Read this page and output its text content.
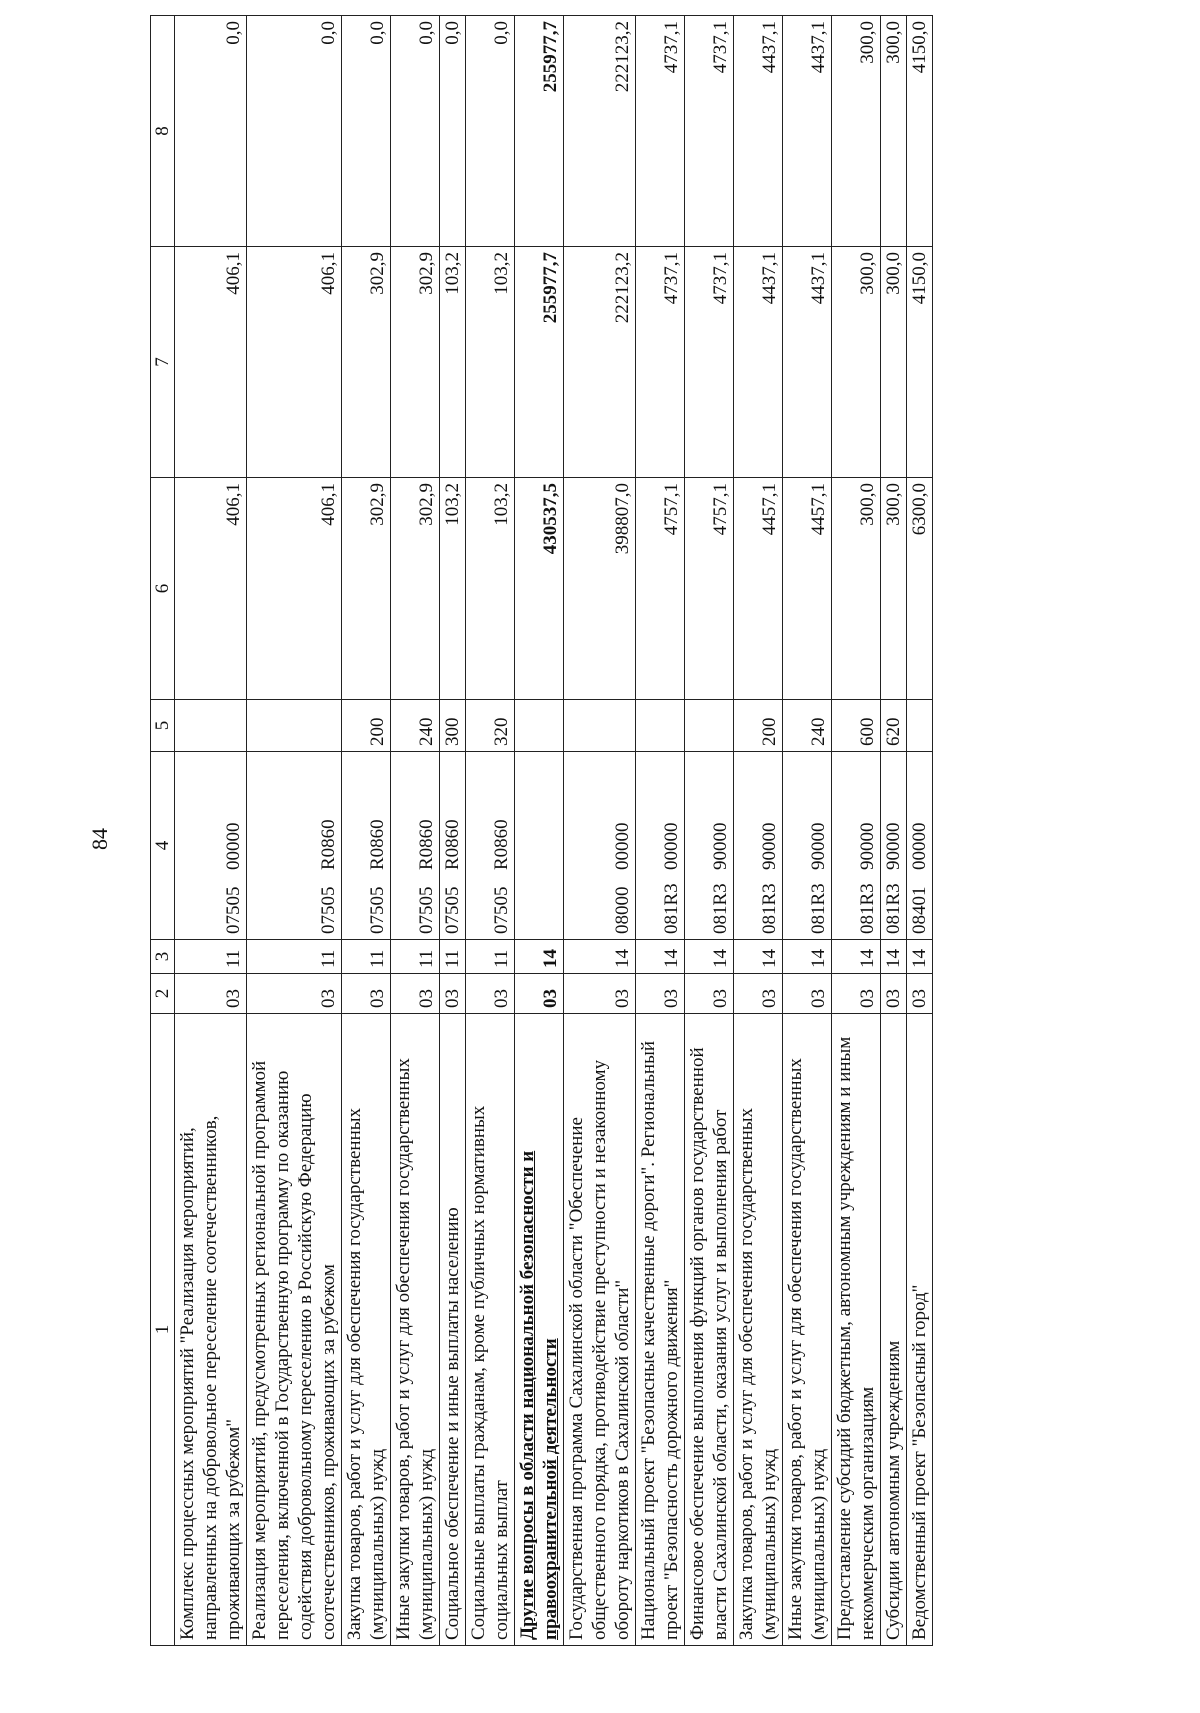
84
1	2	3	4	5	6	7	8
Комплекс процессных мероприятий "Реализация мероприятий, направленных на добровольное переселение соотечественников, проживающих за рубежом"	03	11	0750500000		406,1	406,1	0,0
Реализация мероприятий, предусмотренных региональной программой переселения, включенной в Государственную программу по оказанию содействия добровольному переселению в Российскую Федерацию соотечественников, проживающих за рубежом	03	11	07505R0860		406,1	406,1	0,0
Закупка товаров, работ и услуг для обеспечения государственных (муниципальных) нужд	03	11	07505R0860	200	302,9	302,9	0,0
Иные закупки товаров, работ и услуг для обеспечения государственных (муниципальных) нужд	03	11	07505R0860	240	302,9	302,9	0,0
Социальное обеспечение и иные выплаты населению	03	11	07505R0860	300	103,2	103,2	0,0
Социальные выплаты гражданам, кроме публичных нормативных социальных выплат	03	11	07505R0860	320	103,2	103,2	0,0
Другие вопросы в области национальной безопасности и правоохранительной деятельности	03	14			430537,5	255977,7	255977,7
Государственная программа Сахалинской области "Обеспечение общественного порядка, противодействие преступности и незаконному обороту наркотиков в Сахалинской области"	03	14	0800000000		398807,0	222123,2	222123,2
Национальный проект "Безопасные качественные дороги". Региональный проект "Безопасность дорожного движения"	03	14	081R300000		4757,1	4737,1	4737,1
Финансовое обеспечение выполнения функций органов государственной власти Сахалинской области, оказания услуг и выполнения работ	03	14	081R390000		4757,1	4737,1	4737,1
Закупка товаров, работ и услуг для обеспечения государственных (муниципальных) нужд	03	14	081R390000	200	4457,1	4437,1	4437,1
Иные закупки товаров, работ и услуг для обеспечения государственных (муниципальных) нужд	03	14	081R390000	240	4457,1	4437,1	4437,1
Предоставление субсидий бюджетным, автономным учреждениям и иным некоммерческим организациям	03	14	081R390000	600	300,0	300,0	300,0
Субсидии автономным учреждениям	03	14	081R390000	620	300,0	300,0	300,0
Ведомственный проект "Безопасный город"	03	14	0840100000		6300,0	4150,0	4150,0
